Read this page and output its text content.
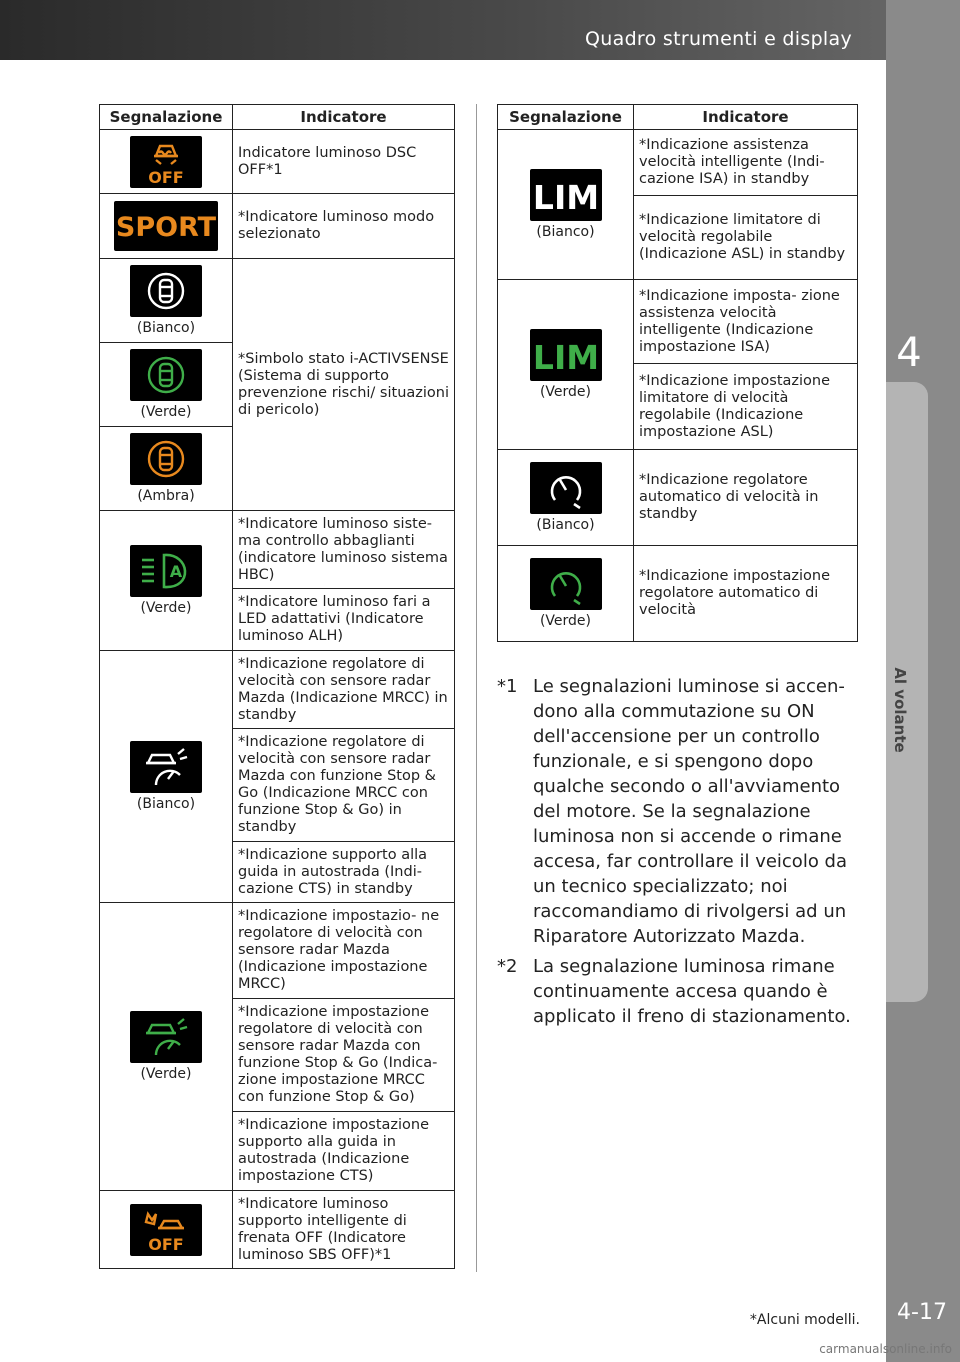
Quadro strumenti e display
4
Al volante
4-17
Segnalazione	Indicatore

OFF	Indicatore luminoso DSC OFF*1

SPORT	*Indicatore luminoso modo selezionato

(Bianco)	*Simbolo stato i-ACTIVSENSE (Sistema di supporto prevenzione rischi/ situazioni di pericolo)

(Verde)	

(Ambra)	

A
(Verde)	*Indicatore luminoso siste- ma controllo abbaglianti (indicatore luminoso sistema HBC)
	*Indicatore luminoso fari a LED adattativi (Indicatore luminoso ALH)

(Bianco)	*Indicazione regolatore di velocità con sensore radar Mazda (Indicazione MRCC) in standby
	*Indicazione regolatore di velocità con sensore radar Mazda con funzione Stop & Go (Indicazione MRCC con funzione Stop & Go) in standby
	*Indicazione supporto alla guida in autostrada (Indi- cazione CTS) in standby

(Verde)	*Indicazione impostazio- ne regolatore di velocità con sensore radar Mazda (Indicazione impostazione MRCC)
	*Indicazione impostazione regolatore di velocità con sensore radar Mazda con funzione Stop & Go (Indica- zione impostazione MRCC con funzione Stop & Go)
	*Indicazione impostazione supporto alla guida in autostrada (Indicazione impostazione CTS)

OFF	*Indicatore luminoso supporto intelligente di frenata OFF (Indicatore luminoso SBS OFF)*1
Segnalazione	Indicatore

LIM
(Bianco)	*Indicazione assistenza velocità intelligente (Indi- cazione ISA) in standby
	*Indicazione limitatore di velocità regolabile (Indicazione ASL) in standby

LIM
(Verde)	*Indicazione imposta- zione assistenza velocità intelligente (Indicazione impostazione ISA)
	*Indicazione impostazione limitatore di velocità regolabile (Indicazione impostazione ASL)

(Bianco)	*Indicazione regolatore automatico di velocità in standby

(Verde)	*Indicazione impostazione regolatore automatico di velocità
*1 Le segnalazioni luminose si accen- dono alla commutazione su ON dell'accensione per un controllo funzionale, e si spengono dopo qualche secondo o all'avviamento del motore. Se la segnalazione luminosa non si accende o rimane accesa, far controllare il veicolo da un tecnico specializzato; noi raccomandiamo di rivolgersi ad un Riparatore Autorizzato Mazda.
*2 La segnalazione luminosa rimane continuamente accesa quando è applicato il freno di stazionamento.
*Alcuni modelli.
carmanualsonline.info
